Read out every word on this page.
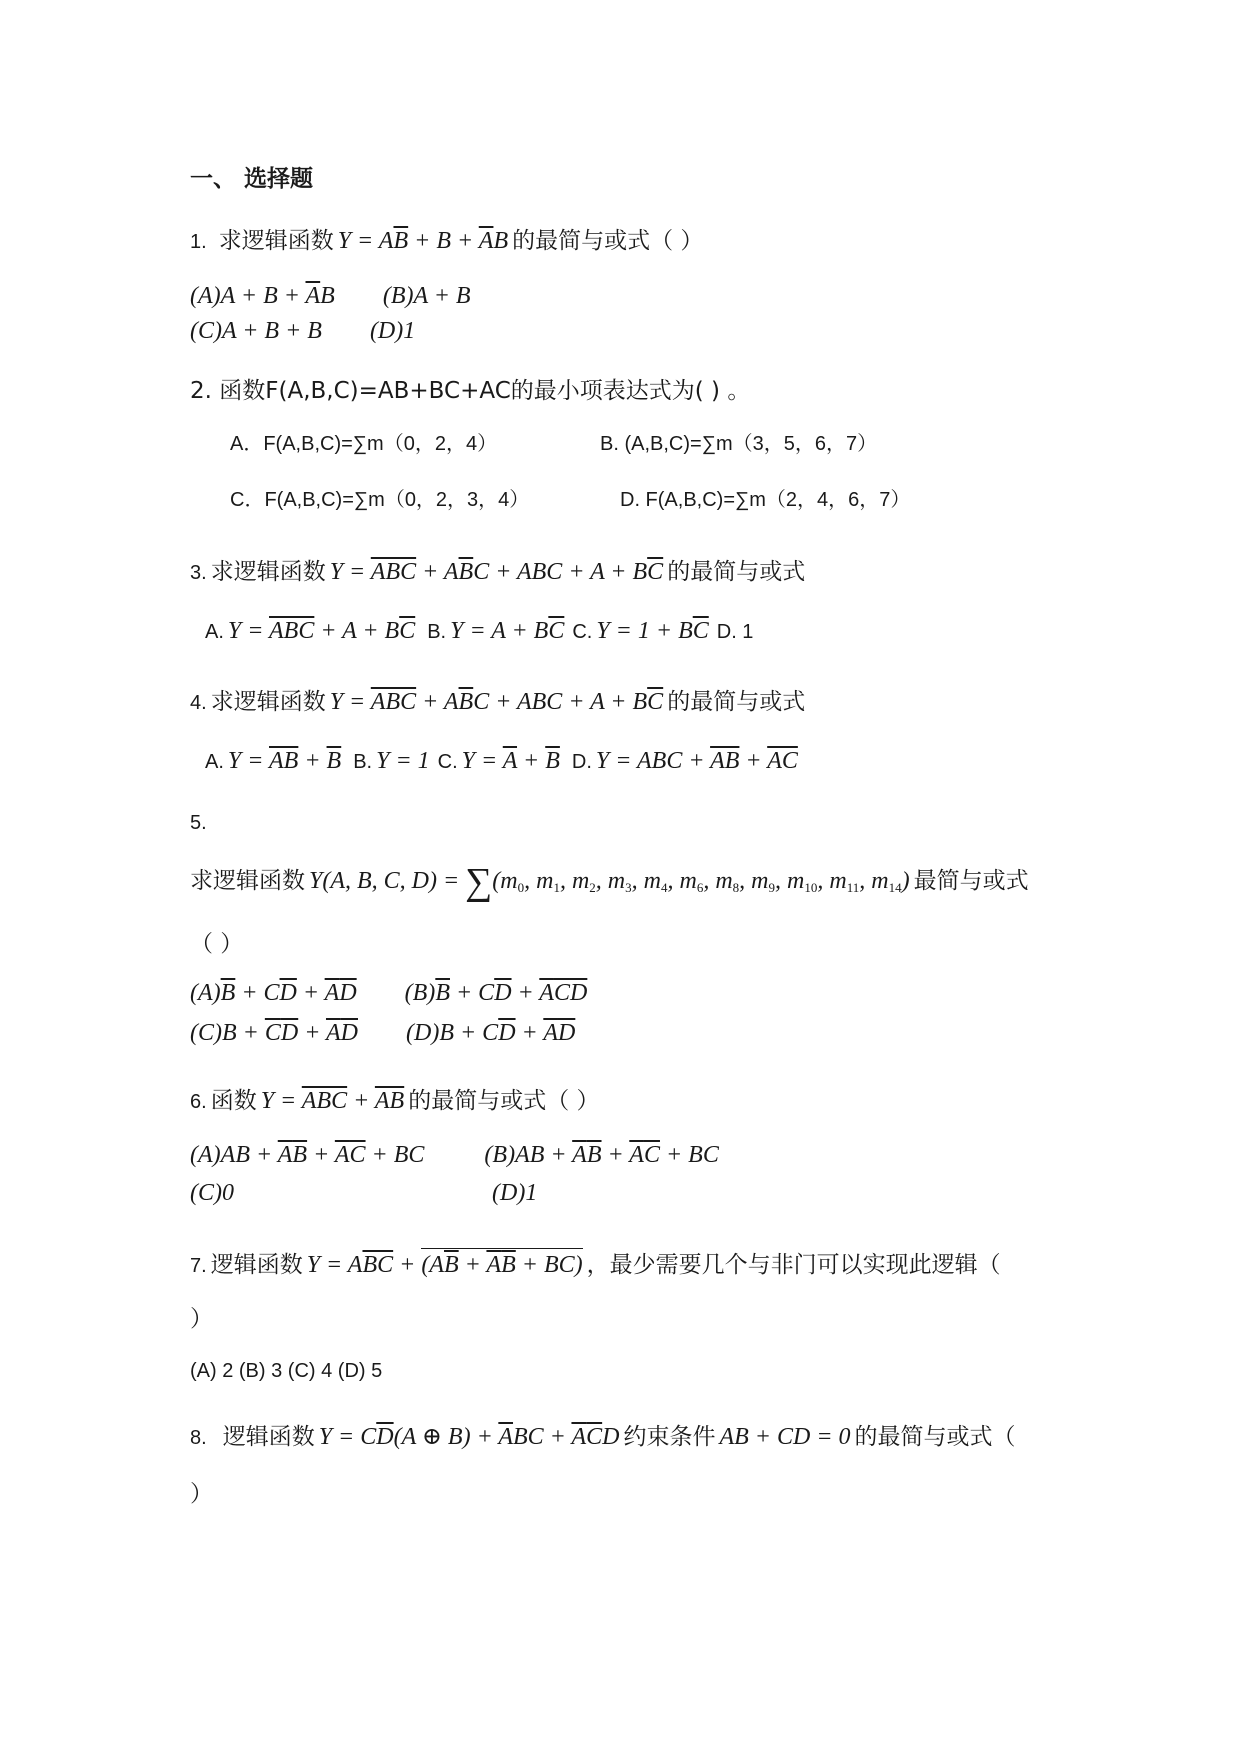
一、 选择题
1. 求逻辑函数 $Y = A\overline{B} + B + \overline{A}B$ 的最简与或式（ ）
$(A)A + B + \overline{A}B$        (B)A + B
(C)A + B + B        (D)1
2. 函数F(A,B,C)=AB+BC+AC的最小项表达式为( ) 。
A．F(A,B,C)=∑m（0，2，4）	B. (A,B,C)=∑m（3，5，6，7）
C．F(A,B,C)=∑m（0，2，3，4）	D. F(A,B,C)=∑m（2，4，6，7）
3. 求逻辑函数 $Y = \overline{ABC} + A\overline{B}C$ + ABC + $A + B\overline{C}$ 的最简与或式
A. $Y = \overline{ABC} + A + B\overline{C}$ B. $Y = A + B\overline{C}$ C. $Y = 1 + B\overline{C}$ D. 1
4. 求逻辑函数 $Y = \overline{ABC} + A\overline{B}C$ + ABC + $A + B\overline{C}$ 的最简与或式
A. $Y = \overline{AB} + \overline{B}$ B. Y = 1 C. $Y = \overline{A} + \overline{B}$ D. Y = ABC + $\overline{AB} + \overline{AC}$
5.
求逻辑函数 Y(A, B, C, $D) = \sum(m_0$, $m_1$, $m_2$, $m_3$, $m_4$, $m_6$, $m_8$, $m_9$, $m_{10}$, $m_{11}$, $m_{14}$) 最简与或式
（ ）
$(A)\overline{B} + C\overline{D} + \overline{A}\overline{D}$ $(B)\overline{B} + C\overline{D} + \overline{A}\overline{C}\overline{D}$
$(C)B + \overline{C}\overline{D} + \overline{A}\overline{D}$ $(D)B + C\overline{D} + \overline{A}\overline{D}$
6. 函数 $Y = \overline{ABC} + \overline{AB}$ 的最简与或式（ ）
$(A)AB + \overline{A}\overline{B} + \overline{A}\overline{C}$ + BC          $(B)AB + \overline{A}\overline{B} + \overline{A}\overline{C}$ + BC
(C)0	(D)1
7. 逻辑函数 $Y = A\overline{BC}$ +
$(A\overline{B} + \overline{A}\overline{B} + BC)$ ，最少需要几个与非门可以实现此逻辑（
）
(A) 2 (B) 3 (C) 4 (D) 5
8. 逻辑函数 $Y = C\overline{D}(A$ ⊕ $B) + \overline{A}BC + \overline{A}\overline{C}D$ 约束条件 AB + CD = 0 的最简与或式（
）
